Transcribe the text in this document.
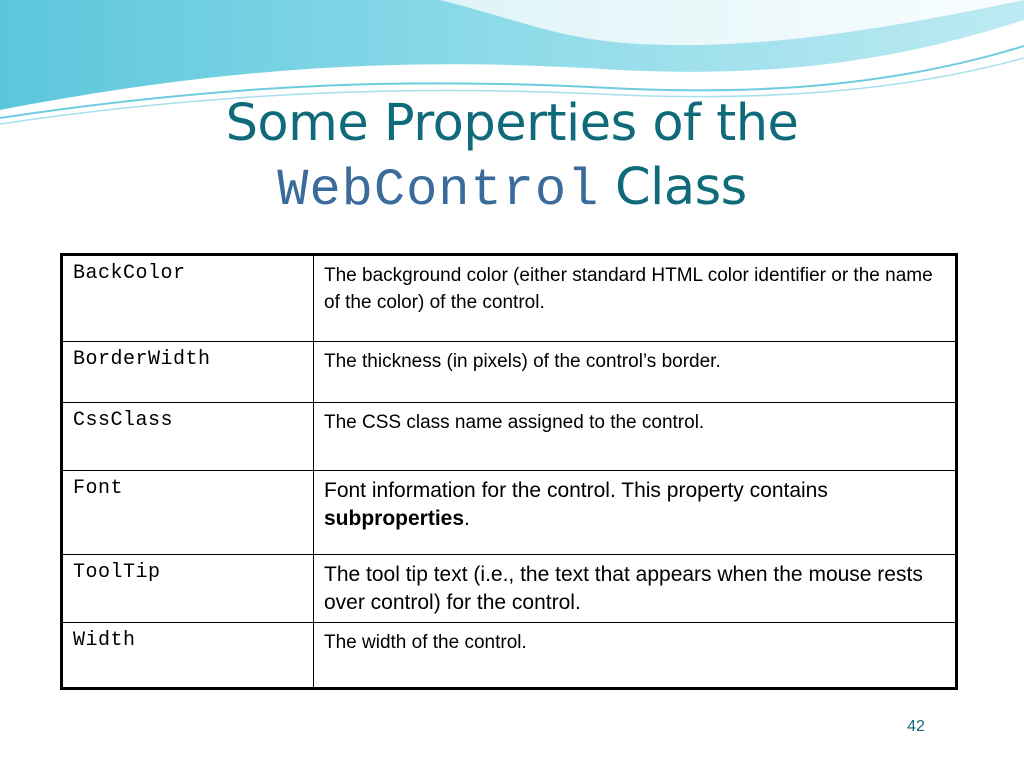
Some Properties of the
WebControl Class
BackColor	The background color (either standard HTML color identifier or the name of the color) of the control.
BorderWidth	The thickness (in pixels) of the control’s border.
CssClass	The CSS class name assigned to the control.
Font	Font information for the control. This property contains subproperties.
ToolTip	The tool tip text (i.e., the text that appears when the mouse rests over control) for the control.
Width	The width of the control.
42
